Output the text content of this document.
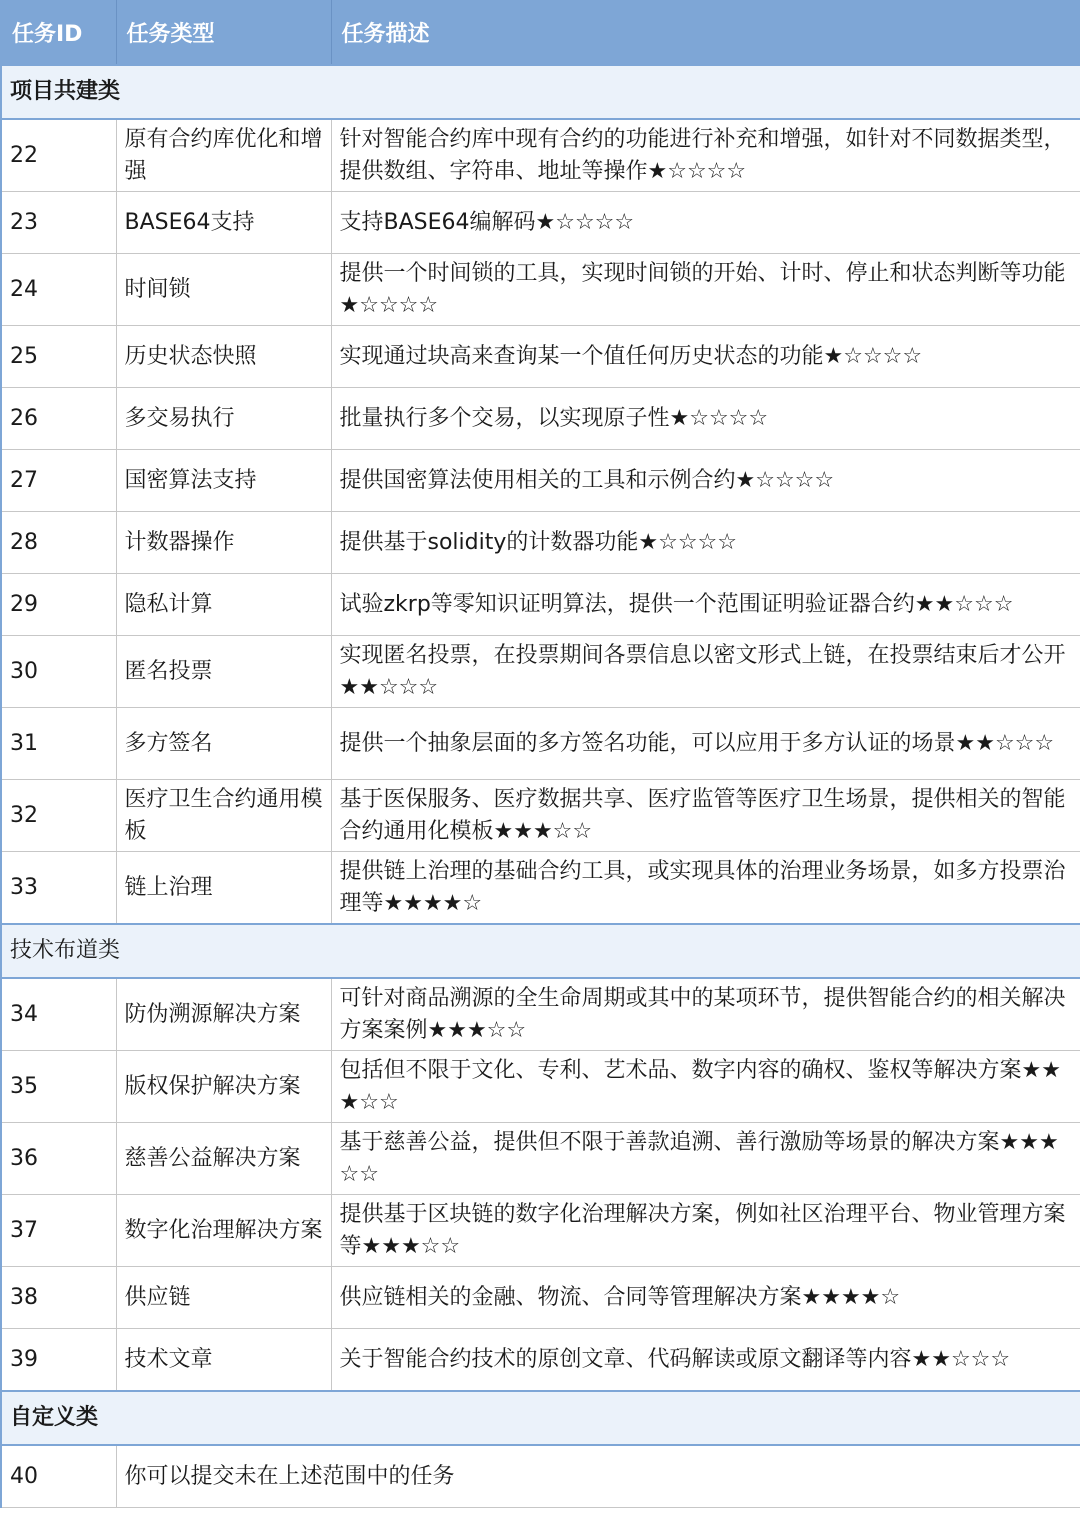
任务ID	任务类型	任务描述
项目共建类		
22	原有合约库优化和增强	针对智能合约库中现有合约的功能进行补充和增强，如针对不同数据类型，提供数组、字符串、地址等操作★☆☆☆☆
23	BASE64支持	支持BASE64编解码★☆☆☆☆
24	时间锁	提供一个时间锁的工具，实现时间锁的开始、计时、停止和状态判断等功能★☆☆☆☆
25	历史状态快照	实现通过块高来查询某一个值任何历史状态的功能★☆☆☆☆
26	多交易执行	批量执行多个交易，以实现原子性★☆☆☆☆
27	国密算法支持	提供国密算法使用相关的工具和示例合约★☆☆☆☆
28	计数器操作	提供基于solidity的计数器功能★☆☆☆☆
29	隐私计算	试验zkrp等零知识证明算法，提供一个范围证明验证器合约★★☆☆☆
30	匿名投票	实现匿名投票，在投票期间各票信息以密文形式上链，在投票结束后才公开★★☆☆☆
31	多方签名	提供一个抽象层面的多方签名功能，可以应用于多方认证的场景★★☆☆☆
32	医疗卫生合约通用模板	基于医保服务、医疗数据共享、医疗监管等医疗卫生场景，提供相关的智能合约通用化模板★★★☆☆
33	链上治理	提供链上治理的基础合约工具，或实现具体的治理业务场景，如多方投票治理等★★★★☆
技术布道类		
34	防伪溯源解决方案	可针对商品溯源的全生命周期或其中的某项环节，提供智能合约的相关解决方案案例★★★☆☆
35	版权保护解决方案	包括但不限于文化、专利、艺术品、数字内容的确权、鉴权等解决方案★★★☆☆
36	慈善公益解决方案	基于慈善公益，提供但不限于善款追溯、善行激励等场景的解决方案★★★☆☆
37	数字化治理解决方案	提供基于区块链的数字化治理解决方案，例如社区治理平台、物业管理方案等★★★☆☆
38	供应链	供应链相关的金融、物流、合同等管理解决方案★★★★☆
39	技术文章	关于智能合约技术的原创文章、代码解读或原文翻译等内容★★☆☆☆
自定义类		
40	你可以提交未在上述范围中的任务	
